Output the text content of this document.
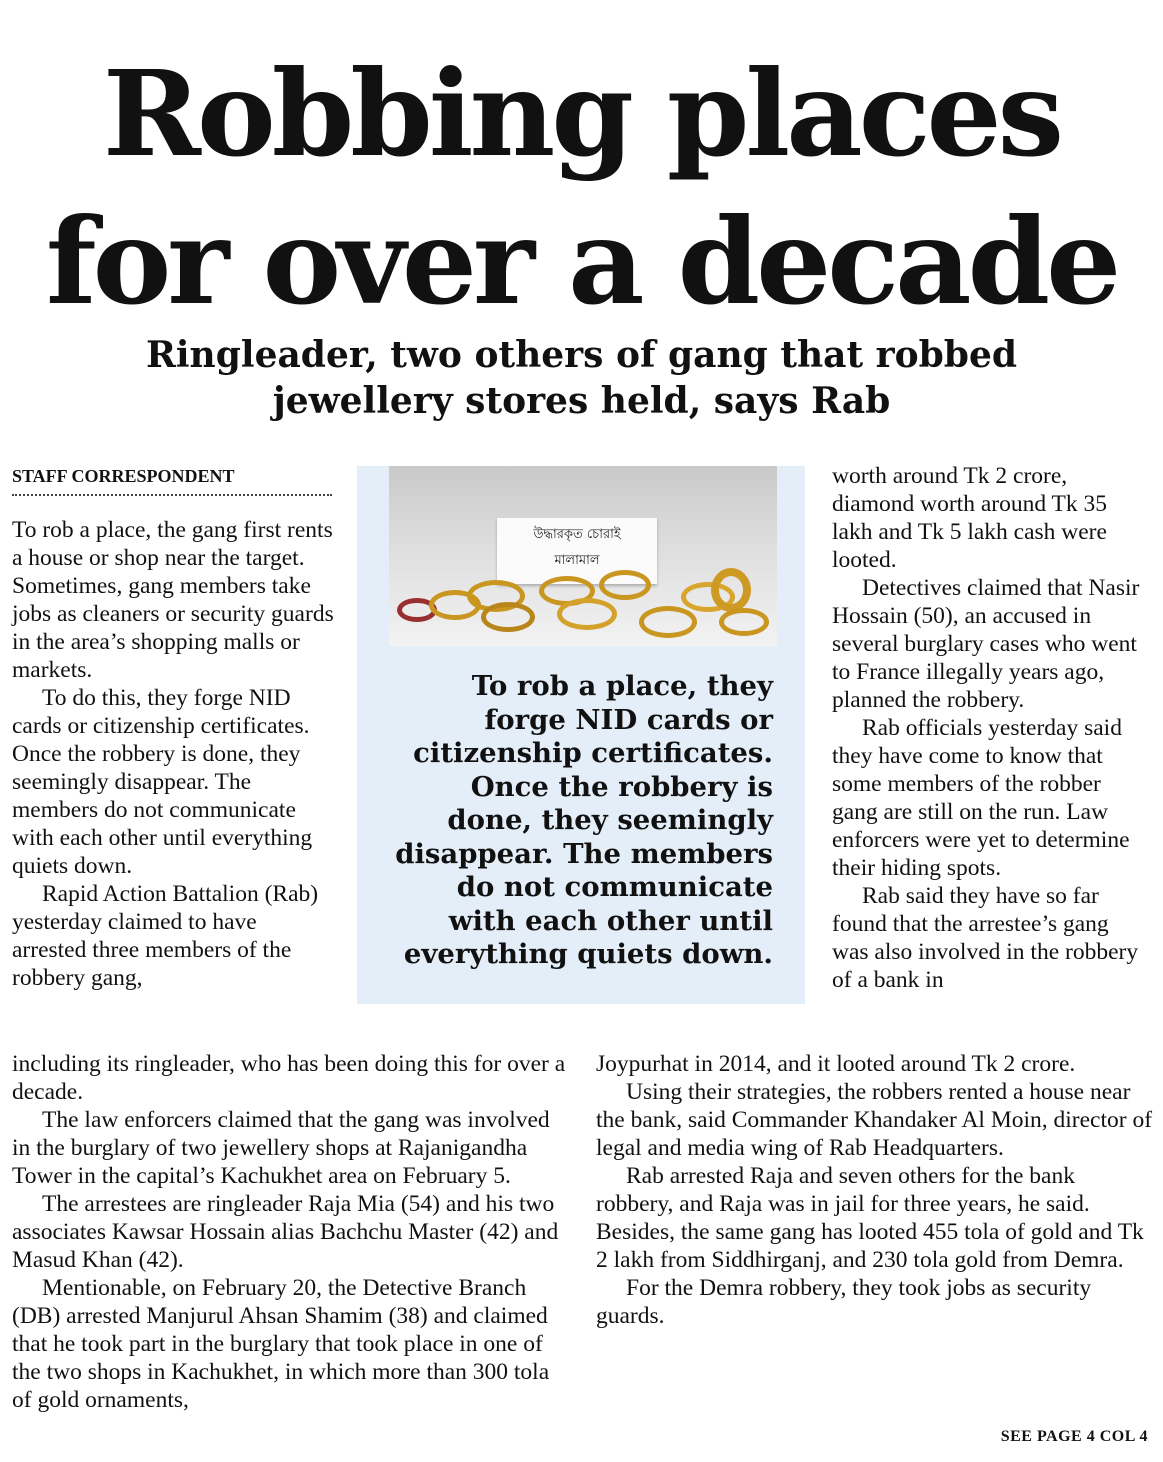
Robbing places
for over a decade
Ringleader, two others of gang that robbed
jewellery stores held, says Rab
STAFF CORRESPONDENT

To rob a place, the gang first rents a house or shop near the target. Sometimes, gang members take jobs as cleaners or security guards in the area’s shopping malls or markets.

To do this, they forge NID cards or citizenship certificates. Once the robbery is done, they seemingly disappear. The members do not communicate with each other until everything quiets down.

Rapid Action Battalion (Rab) yesterday claimed to have arrested three members of the robbery gang,

উদ্ধারকৃত চোরাই
মালামাল

To rob a place, they forge NID cards or citizenship certificates. Once the robbery is done, they seemingly disappear. The members do not communicate with each other until everything quiets down.

worth around Tk 2 crore, diamond worth around Tk 35 lakh and Tk 5 lakh cash were looted.

Detectives claimed that Nasir Hossain (50), an accused in several burglary cases who went to France illegally years ago, planned the robbery.

Rab officials yesterday said they have come to know that some members of the robber gang are still on the run. Law enforcers were yet to determine their hiding spots.

Rab said they have so far found that the arrestee’s gang was also involved in the robbery of a bank in

including its ringleader, who has been doing this for over a decade.

The law enforcers claimed that the gang was involved in the burglary of two jewellery shops at Rajanigandha Tower in the capital’s Kachukhet area on February 5.

The arrestees are ringleader Raja Mia (54) and his two associates Kawsar Hossain alias Bachchu Master (42) and Masud Khan (42).

Mentionable, on February 20, the Detective Branch (DB) arrested Manjurul Ahsan Shamim (38) and claimed that he took part in the burglary that took place in one of the two shops in Kachukhet, in which more than 300 tola of gold ornaments,

Joypurhat in 2014, and it looted around Tk 2 crore.

Using their strategies, the robbers rented a house near the bank, said Commander Khandaker Al Moin, director of legal and media wing of Rab Headquarters.

Rab arrested Raja and seven others for the bank robbery, and Raja was in jail for three years, he said. Besides, the same gang has looted 455 tola of gold and Tk 2 lakh from Siddhirganj, and 230 tola gold from Demra.

For the Demra robbery, they took jobs as security guards.

SEE PAGE 4 COL 4
